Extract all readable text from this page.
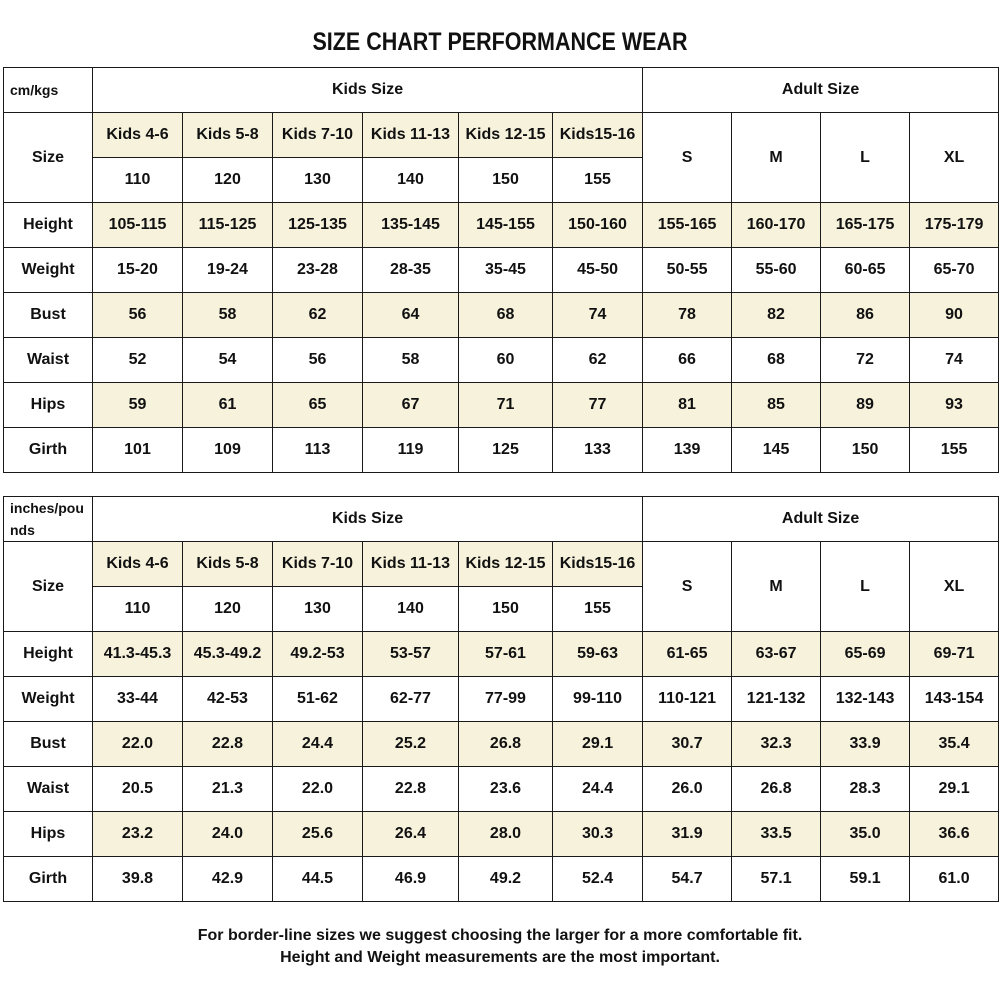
SIZE CHART PERFORMANCE WEAR
cm/kgs	Kids Size						Adult Size			
Size	Kids 4-6	Kids 5-8	Kids 7-10	Kids 11-13	Kids 12-15	Kids15-16	S	M	L	XL
	110	120	130	140	150	155				
Height	105-115	115-125	125-135	135-145	145-155	150-160	155-165	160-170	165-175	175-179
Weight	15-20	19-24	23-28	28-35	35-45	45-50	50-55	55-60	60-65	65-70
Bust	56	58	62	64	68	74	78	82	86	90
Waist	52	54	56	58	60	62	66	68	72	74
Hips	59	61	65	67	71	77	81	85	89	93
Girth	101	109	113	119	125	133	139	145	150	155
inches/pounds	Kids Size						Adult Size			
Size	Kids 4-6	Kids 5-8	Kids 7-10	Kids 11-13	Kids 12-15	Kids15-16	S	M	L	XL
	110	120	130	140	150	155				
Height	41.3-45.3	45.3-49.2	49.2-53	53-57	57-61	59-63	61-65	63-67	65-69	69-71
Weight	33-44	42-53	51-62	62-77	77-99	99-110	110-121	121-132	132-143	143-154
Bust	22.0	22.8	24.4	25.2	26.8	29.1	30.7	32.3	33.9	35.4
Waist	20.5	21.3	22.0	22.8	23.6	24.4	26.0	26.8	28.3	29.1
Hips	23.2	24.0	25.6	26.4	28.0	30.3	31.9	33.5	35.0	36.6
Girth	39.8	42.9	44.5	46.9	49.2	52.4	54.7	57.1	59.1	61.0
For border-line sizes we suggest choosing the larger for a more comfortable fit.
Height and Weight measurements are the most important.
